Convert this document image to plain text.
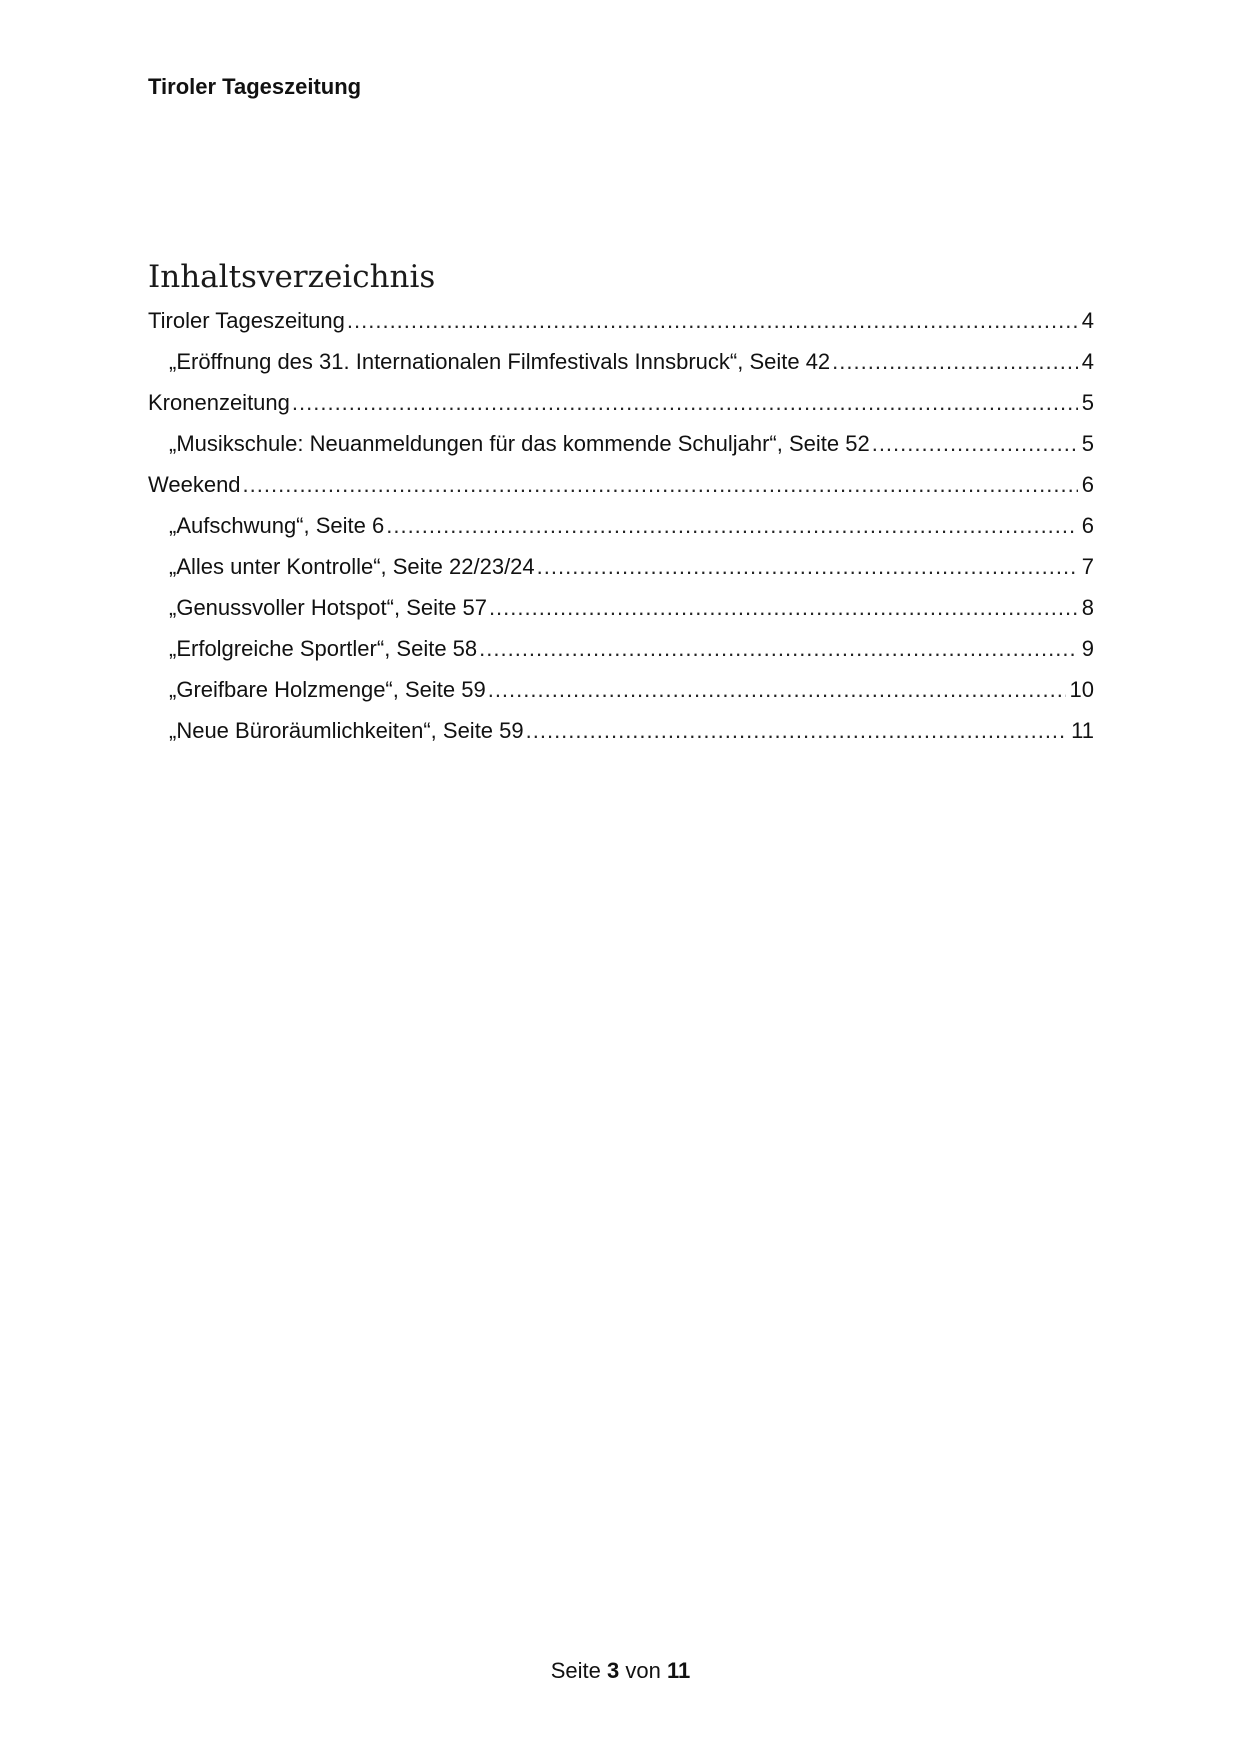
Tiroler Tageszeitung
Inhaltsverzeichnis
Tiroler Tageszeitung .....	4
„Eröffnung des 31. Internationalen Filmfestivals Innsbruck“, Seite 42 .....	4
Kronenzeitung .....	5
„Musikschule: Neuanmeldungen für das kommende Schuljahr“, Seite 52 .....	5
Weekend .....	6
„Aufschwung“, Seite 6 .....	6
„Alles unter Kontrolle“, Seite 22/23/24 .....	7
„Genussvoller Hotspot“, Seite 57 .....	8
„Erfolgreiche Sportler“, Seite 58 .....	9
„Greifbare Holzmenge“, Seite 59 .....	10
„Neue Büroräumlichkeiten“, Seite 59 .....	11
Seite 3 von 11
